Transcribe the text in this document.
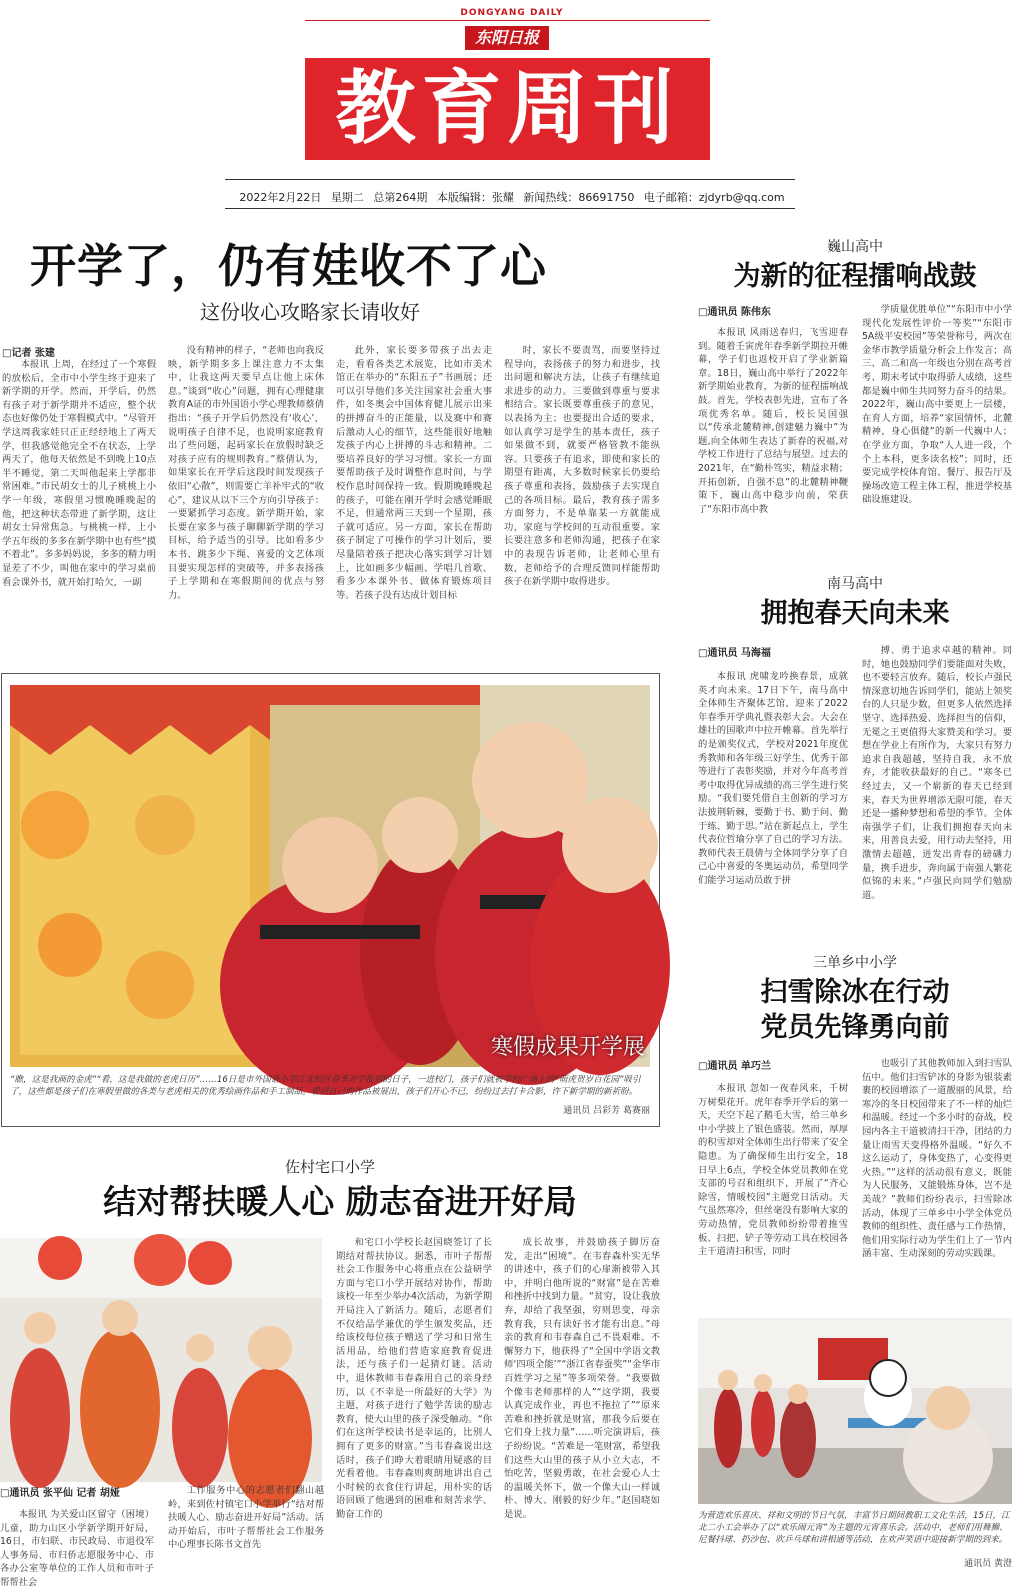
DONGYANG DAILY
东阳日报
教育周刊
2022年2月22日 星期二 总第264期 本版编辑：张耀 新闻热线：86691750 电子邮箱：zjdyrb@qq.com
开学了，仍有娃收不了心
这份收心攻略家长请收好
□记者 张建

本报讯 上周，在经过了一个寒假的放松后，全市中小学生终于迎来了新学期的开学。然而，开学后，仍然有孩子对于新学期并不适应，整个状态也好像仍处于寒假模式中。“尽管开学这周我家娃只正正经经地上了两天学，但我感觉他完全不在状态，上学两天了，他每天依然是不到晚上10点半不睡觉，第二天叫他起来上学都非常困难。”市民胡女士的儿子桃桃上小学一年级，寒假里习惯晚睡晚起的他，把这种状态带进了新学期，这让胡女士异常焦急。与桃桃一样，上小学五年级的多多在新学期中也有些“摸不着北”。多多妈妈说，多多的精力明显差了不少，叫他在家中的学习桌前看会课外书，就开始打哈欠，一副

没有精神的样子，“老师也向我反映，新学期多多上课注意力不太集中，让我这两天要早点让他上床休息。”谈到“收心”问题，拥有心理健康教育A证的市外国语小学心理教师蔡倩指出：“孩子开学后仍然没有‘收心’，说明孩子自律不足，也说明家庭教育出了些问题，起码家长在放假时缺乏对孩子应有的规则教育。”蔡倩认为，如果家长在开学后这段时间发现孩子依旧“心散”，则需要亡羊补牢式的“收心”，建议从以下三个方向引导孩子：一要紧抓学习态度。新学期开始，家长要在家多与孩子聊聊新学期的学习目标，给予适当的引导。比如看多少本书、跳多少下绳、喜爱的文艺体项目要实现怎样的突破等，并多表扬孩子上学期和在寒假期间的优点与努力。

此外，家长要多带孩子出去走走，看看各类艺术展览，比如市美术馆正在举办的“东阳五子”书画展；还可以引导他们多关注国家社会重大事件，如冬奥会中国体育健儿展示出来的拼搏奋斗的正能量，以及赛中和赛后激动人心的细节，这些能很好地触发孩子内心上拼搏的斗志和精神。二要培养良好的学习习惯。家长一方面要帮助孩子及时调整作息时间，与学校作息时间保持一致。假期晚睡晚起的孩子，可能在刚开学时会感觉睡眠不足，但通常两三天到一个星期，孩子就可适应。另一方面，家长在帮助孩子制定了可操作的学习计划后，要尽量陪着孩子把决心落实到学习计划上，比如画多少幅画、学唱几首歌、看多少本课外书、做体育锻炼项目等。若孩子没有达成计划目标

时，家长不要责骂，而要坚持过程导向，表扬孩子的努力和进步，找出问题和解决方法，让孩子有继续追求进步的动力。三要做到尊重与要求相结合。家长既要尊重孩子的意见，以表扬为主；也要提出合适的要求，如认真学习是学生的基本责任，孩子如果做不到，就要严格管教不能纵容。只要孩子有追求，即使和家长的期望有距离，大多数时候家长仍要给孩子尊重和表扬，鼓励孩子去实现自己的各项目标。最后，教育孩子需多方面努力，不是单靠某一方就能成功，家庭与学校间的互动很重要。家长要注意多和老师沟通，把孩子在家中的表现告诉老师，让老师心里有数，老师给予的合理反馈同样能帮助孩子在新学期中取得进步。

巍山高中
为新的征程擂响战鼓
□通讯员 陈伟东

本报讯 风雨送春归，飞雪迎春到。随着壬寅虎年春季新学期拉开帷幕，学子们也返校开启了学业新篇章。18日，巍山高中举行了2022年新学期始业教育，为新的征程擂响战鼓。首先，学校表彰先进，宣布了各项优秀名单。随后，校长吴国强以“传承北麓精神,创建魅力巍中”为题,向全体师生表达了新春的祝福,对学校工作进行了总结与展望。过去的2021年，在“勤朴笃实，精益求精；开拓创新，自强不息”的北麓精神鞭策下，巍山高中稳步向前，荣获了“东阳市高中教

学质量优胜单位”“东阳市中小学现代化发展性评价一等奖”“东阳市5A级平安校园”等荣誉称号，两次在金华市教学质量分析会上作发言；高三、高二和高一年级也分别在高考首考、期末考试中取得骄人成绩，这些都是巍中师生共同努力奋斗的结果。2022年，巍山高中要更上一层楼，在育人方面，培养“家国情怀，北麓精神，身心俱健”的新一代巍中人；在学业方面，争取“人人进一段，个个上本科，更多读名校”；同时，还要完成学校体育馆、餐厅、报告厅及操场改造工程主体工程，推进学校基础设施建设。

南马高中
拥抱春天向未来
□通讯员 马海福

本报讯 虎啸龙吟换春景，成就英才向未来。17日下午，南马高中全体师生齐聚体艺馆，迎来了2022年春季开学典礼暨表彰大会。大会在雄壮的国歌声中拉开帷幕。首先举行的是颁奖仪式，学校对2021年度优秀教师和各年级三好学生、优秀干部等进行了表彰奖励，并对今年高考首考中取得优异成绩的高三学生进行奖励。“我们要凭借自主创新的学习方法披荆斩棘，要勤于书、勤于问、勤于练、勤于思。”站在新起点上，学生代表位哲瑜分享了自己的学习方法。教师代表王晨倩与全体同学分享了自己心中喜爱的冬奥运动员，希望同学们能学习运动员敢于拼

搏、勇于追求卓越的精神。同时，她也鼓励同学们要能面对失败，也不要轻言放弃。随后，校长卢强民情深意切地告诉同学们，能站上领奖台的人只是少数，但更多人依然选择坚守、选择热爱、选择担当的信仰，无冕之王更值得大家赞美和学习。要想在学业上有所作为，大家只有努力追求自我超越，坚持自我，永不放弃，才能收获最好的自己。“寒冬已经过去，又一个崭新的春天已经到来，春天为世界增添无限可能，春天还是一播种梦想和希望的季节。全体南强学子们，让我们拥抱春天向未来，用善良去爱，用行动去坚持，用激情去超越，迸发出青春的磅礴力量，携手进步，奔向属于南强人繁花似锦的未来。”卢强民向同学们勉励道。

寒假成果开学展
“瞧，这是我画的金虎”“看，这是我做的老虎日历”……16日是市外国语小学江北校区春季开学报到的日子，一进校门，孩子们就被学校广场上的“萌虎贺岁百花园”吸引了，这些都是孩子们在寒假里做的各类与老虎相关的优秀绘画作品和手工制品。看到自己的作品被展出，孩子们开心不已，纷纷过去打卡合影，许下新学期的新祈盼。
通讯员 吕彩芳 葛赛丽
三单乡中小学
扫雪除冰在行动
党员先锋勇向前
□通讯员 单巧兰

本报讯 忽如一夜春风来，千树万树梨花开。虎年春季开学后的第一天，天空下起了鹅毛大雪，给三单乡中小学披上了银色盛装。然而，厚厚的积雪却对全体师生出行带来了安全隐患。为了确保师生出行安全，18日早上6点，学校全体党员教师在党支部的号召和组织下，开展了“齐心除雪，情暖校园”主题党日活动。天气虽然寒冷，但丝毫没有影响大家的劳动热情，党员教师纷纷带着推雪板、扫把、铲子等劳动工具在校园各主干道清扫积雪，同时

也吸引了其他教师加入到扫雪队伍中。他们扫雪铲冰的身影为银装素裹的校园增添了一道靓丽的风景，给寒冷的冬日校园带来了不一样的灿烂和温暖。经过一个多小时的奋战，校园内各主干道被清扫干净，团结的力量让雨雪天变得格外温暖。“好久不这么运动了，身体变热了，心变得更火热。”“这样的活动很有意义，既能为人民服务，又能锻炼身体，岂不是美哉？”教师们纷纷表示，扫雪除冰活动，体现了三单乡中小学全体党员教师的组织性、责任感与工作热情，他们用实际行动为学生们上了一节内涵丰富、生动深刻的劳动实践课。

为营造欢乐喜庆、祥和文明的节日气氛，丰富节日期间教职工文化生活，15日，江北二小工会举办了以“欢乐闹元宵”为主题的元宵喜乐会。活动中，老师们用舞狮、尼餐抖球、扔沙包、吹乒乓球和讲相通等活动，在欢声笑语中迎接新学期的到来。
通讯员 黄澄
佐村宅口小学
结对帮扶暖人心 励志奋进开好局
□通讯员 张平仙 记者 胡娅

本报讯 为关爱山区留守（困境）儿童，助力山区小学新学期开好局，16日，市妇联、市民政局、市退役军人事务局、市归侨志愿服务中心、市各办公室等单位的工作人员和市叶子帮帮社会

工作服务中心的志愿者们翻山越岭，来到佐村镇宅口小学举行“结对帮扶暖人心、励志奋进开好局”活动。活动开始后，市叶子帮帮社会工作服务中心理事长陈书文首先

和宅口小学校长赵国晓签订了长期结对帮扶协议。据悉，市叶子帮帮社会工作服务中心将重点在公益研学方面与宅口小学开展结对协作，帮助该校一年至少举办4次活动，为新学期开局注入了新活力。随后，志愿者们不仅给品学兼优的学生颁发奖品，还给该校每位孩子赠送了学习和日常生活用品，给他们营造家庭教育促进法，还与孩子们一起猜灯谜。活动中，退休教师韦春森用自己的亲身经历，以《不幸是一所最好的大学》为主题，对孩子进行了勉学苦读的励志教育，使大山里的孩子深受触动。“你们在这所学校读书是幸运的，比别人拥有了更多的财富。”当韦春森说出这话时，孩子们睁大着眼睛用疑惑的目光看着他。韦春森则爽朗地讲出自己小时候的衣食住行讲起，用朴实的话语回顾了他遇到的困难和刻苦求学、勤奋工作的

成长故事，并鼓励孩子脚厉奋发，走出“困境”。在韦春森朴实无华的讲述中，孩子们的心扉渐被带入其中，并明白他所说的“财富”是在苦难和挫折中找到力量。“贫穷，设让我放弃，却给了我坚强，穷则思变，母亲教育我，只有读好书才能有出息。”母亲的教育和韦春森自己不畏艰难、不懈努力下，他获得了“全国中学语文教师‘四项全能’”“浙江省春蚕奖”“金华市百姓学习之星”等多项荣誉。“我要做个像韦老师那样的人”“这学期，我要认真完成作业，再也不拖拉了”“原来苦难和挫折就是财富，那我今后要在它们身上找力量”……听完演讲后，孩子纷纷说。“苦难是一笔财富，希望我们这些大山里的孩子从小立大志，不怕吃苦，坚毅勇敢，在社会爱心人士的温暖关怀下，做一个像大山一样诚朴、博大、刚毅的好少年。”赵国晓如是说。
